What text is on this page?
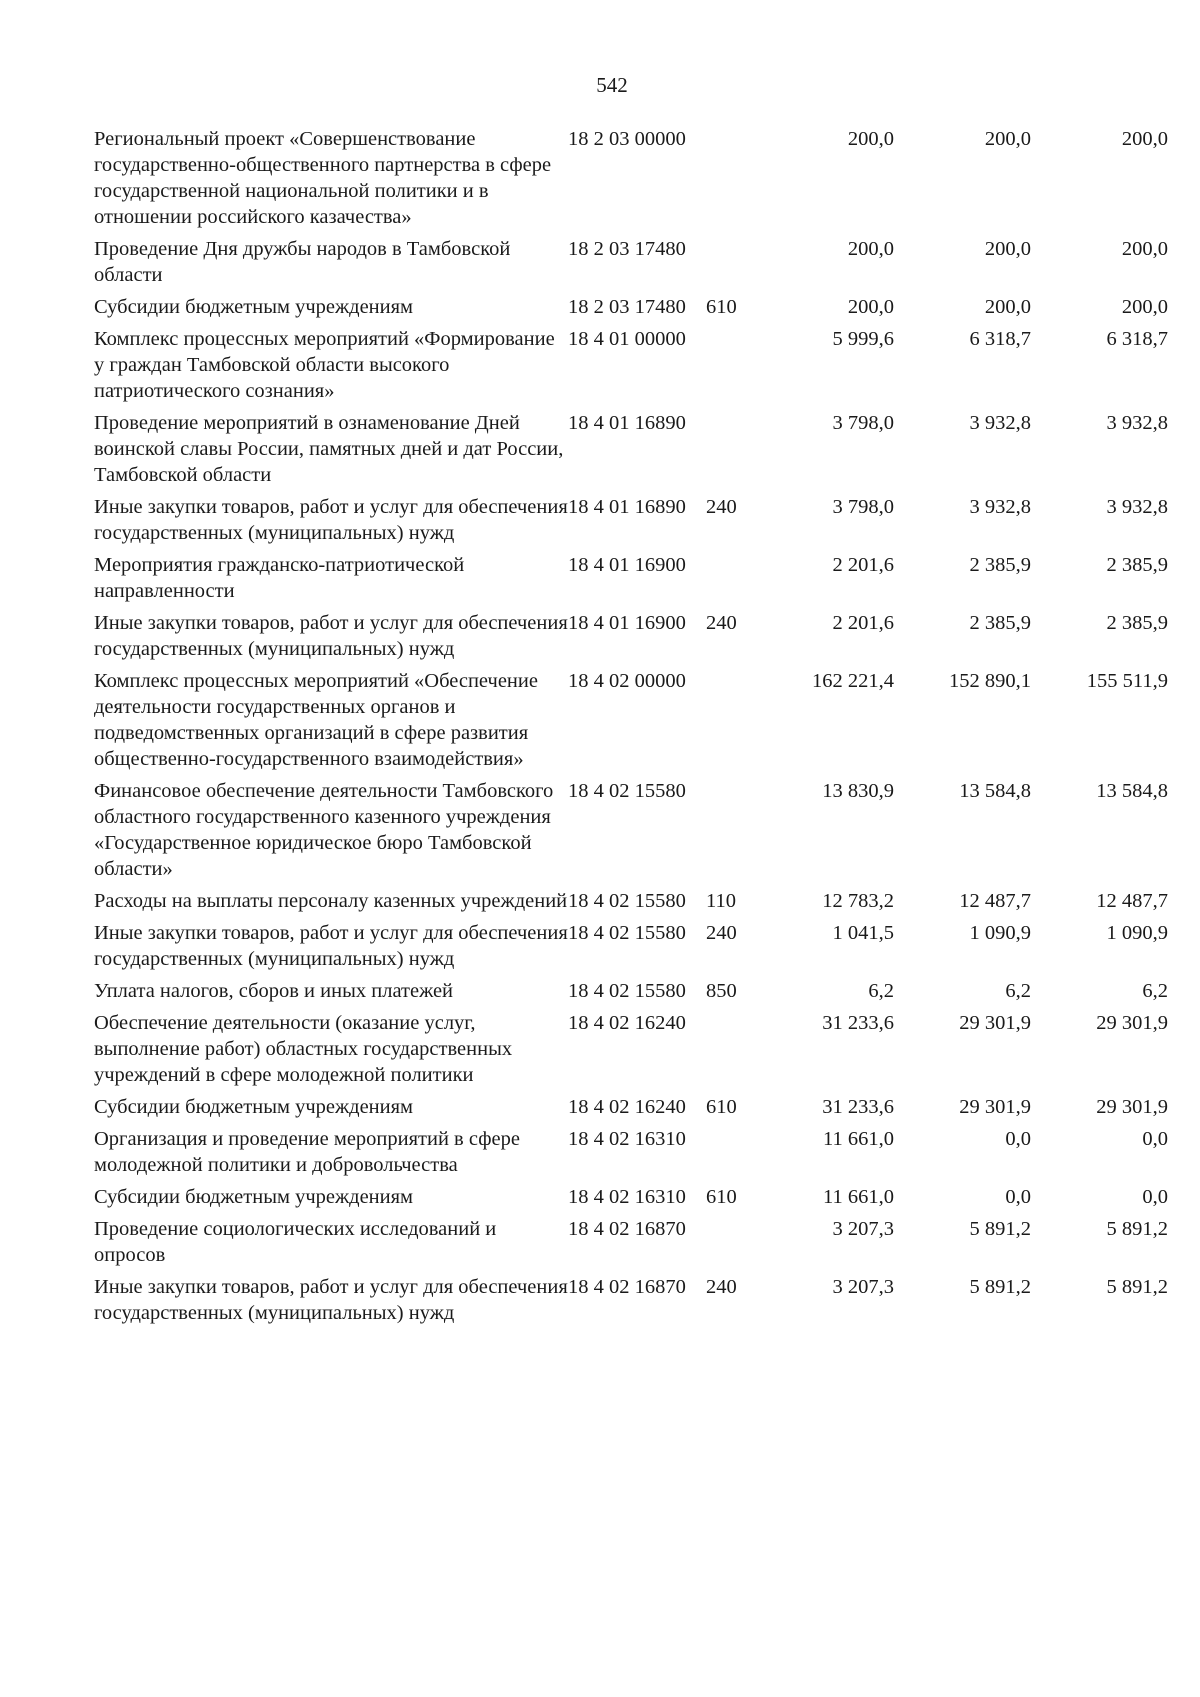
542
Региональный проект «Совершенствование государственно-общественного партнерства в сфере государственной национальной политики и в отношении российского казачества»	18 2 03 00000		200,0	200,0	200,0
Проведение Дня дружбы народов в Тамбовской области	18 2 03 17480		200,0	200,0	200,0
Субсидии бюджетным учреждениям	18 2 03 17480	610	200,0	200,0	200,0
Комплекс процессных мероприятий «Формирование у граждан Тамбовской области высокого патриотического сознания»	18 4 01 00000		5 999,6	6 318,7	6 318,7
Проведение мероприятий в ознаменование Дней воинской славы России, памятных дней и дат России, Тамбовской области	18 4 01 16890		3 798,0	3 932,8	3 932,8
Иные закупки товаров, работ и услуг для обеспечения государственных (муниципальных) нужд	18 4 01 16890	240	3 798,0	3 932,8	3 932,8
Мероприятия гражданско-патриотической направленности	18 4 01 16900		2 201,6	2 385,9	2 385,9
Иные закупки товаров, работ и услуг для обеспечения государственных (муниципальных) нужд	18 4 01 16900	240	2 201,6	2 385,9	2 385,9
Комплекс процессных мероприятий «Обеспечение деятельности государственных органов и подведомственных организаций в сфере развития общественно-государственного взаимодействия»	18 4 02 00000		162 221,4	152 890,1	155 511,9
Финансовое обеспечение деятельности Тамбовского областного государственного казенного учреждения «Государственное юридическое бюро Тамбовской области»	18 4 02 15580		13 830,9	13 584,8	13 584,8
Расходы на выплаты персоналу казенных учреждений	18 4 02 15580	110	12 783,2	12 487,7	12 487,7
Иные закупки товаров, работ и услуг для обеспечения государственных (муниципальных) нужд	18 4 02 15580	240	1 041,5	1 090,9	1 090,9
Уплата налогов, сборов и иных платежей	18 4 02 15580	850	6,2	6,2	6,2
Обеспечение деятельности (оказание услуг, выполнение работ) областных государственных учреждений в сфере молодежной политики	18 4 02 16240		31 233,6	29 301,9	29 301,9
Субсидии бюджетным учреждениям	18 4 02 16240	610	31 233,6	29 301,9	29 301,9
Организация и проведение мероприятий в сфере молодежной политики и добровольчества	18 4 02 16310		11 661,0	0,0	0,0
Субсидии бюджетным учреждениям	18 4 02 16310	610	11 661,0	0,0	0,0
Проведение социологических исследований и опросов	18 4 02 16870		3 207,3	5 891,2	5 891,2
Иные закупки товаров, работ и услуг для обеспечения государственных (муниципальных) нужд	18 4 02 16870	240	3 207,3	5 891,2	5 891,2
